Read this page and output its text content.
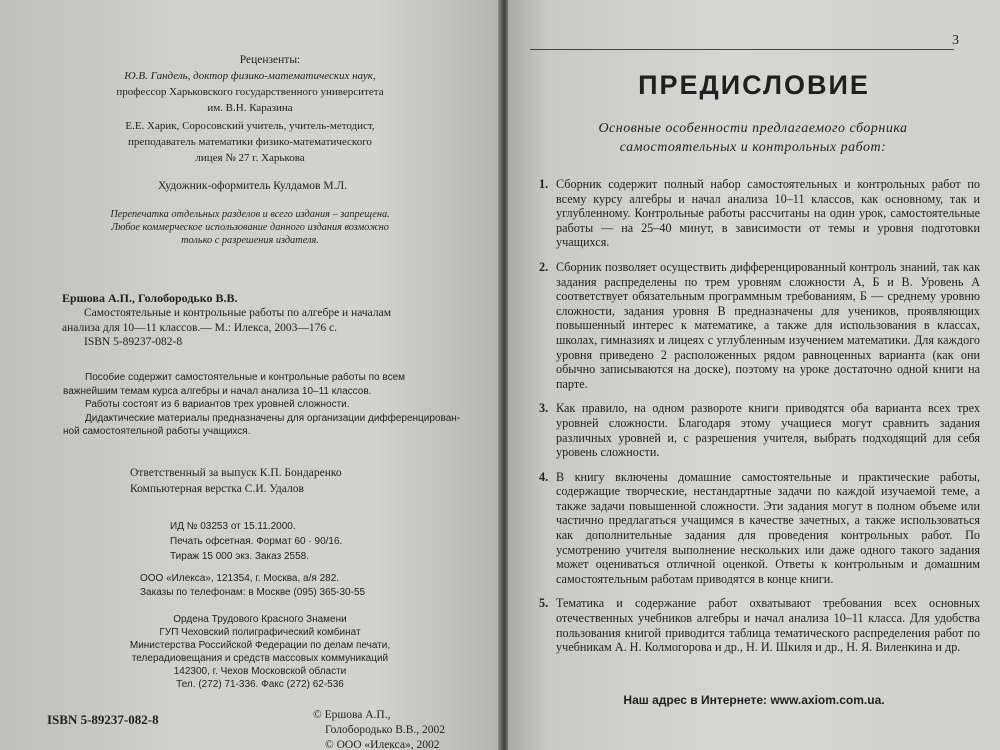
Рецензенты:

Ю.В. Гандель, доктор физико-математических наук,
профессор Харьковского государственного университета
им. В.Н. Каразина
Е.Е. Харик, Соросовский учитель, учитель-методист,
преподаватель математики физико-математического
лицея № 27 г. Харькова

Художник-оформитель Кулдамов М.Л.

Перепечатка отдельных разделов и всего издания – запрещена.
Любое коммерческое использование данного издания возможно
только с разрешения издателя.

Ершова А.П., Голобородько В.В.

Самостоятельные и контрольные работы по алгебре и началам
анализа для 10—11 классов.— М.: Илекса, 2003—176 с.
ISBN 5-89237-082-8
Пособие содержит самостоятельные и контрольные работы по всем
важнейшим темам курса алгебры и начал анализа 10–11 классов.
Работы состоят из 6 вариантов трех уровней сложности.
Дидактические материалы предназначены для организации дифференцирован-
ной самостоятельной работы учащихся.

Ответственный за выпуск К.П. Бондаренко

Компьютерная верстка С.И. Удалов

ИД № 03253 от 15.11.2000.
Печать офсетная. Формат 60 · 90/16.
Тираж 15 000 экз. Заказ 2558.
ООО «Илекса», 121354, г. Москва, а/я 282.
Заказы по телефонам: в Москве (095) 365-30-55
Ордена Трудового Красного Знамени
ГУП Чеховский полиграфический комбинат
Министерства Российской Федерации по делам печати,
телерадиовещания и средств массовых коммуникаций
142300, г. Чехов Московской области
Тел. (272) 71-336. Факс (272) 62-536

ISBN 5-89237-082-8	© Ершова А.П.,
Голобородько В.В., 2002
© ООО «Илекса», 2002
3
ПРЕДИСЛОВИЕ
Основные особенности предлагаемого сборника
самостоятельных и контрольных работ:
1. Сборник содержит полный набор самостоятельных и контрольных работ по всему курсу алгебры и начал анализа 10–11 классов, как основному, так и углубленному. Контрольные работы рассчитаны на один урок, самостоятельные работы — на 25–40 минут, в зависимости от темы и уровня подготовки учащихся.
2. Сборник позволяет осуществить дифференцированный контроль знаний, так как задания распределены по трем уровням сложности А, Б и В. Уровень А соответствует обязательным программным требованиям, Б — среднему уровню сложности, задания уровня В предназначены для учеников, проявляющих повышенный интерес к математике, а также для использования в классах, школах, гимназиях и лицеях с углубленным изучением математики. Для каждого уровня приведено 2 расположенных рядом равноценных варианта (как они обычно записываются на доске), поэтому на уроке достаточно одной книги на парте.
3. Как правило, на одном развороте книги приводятся оба варианта всех трех уровней сложности. Благодаря этому учащиеся могут сравнить задания различных уровней и, с разрешения учителя, выбрать подходящий для себя уровень сложности.
4. В книгу включены домашние самостоятельные и практические работы, содержащие творческие, нестандартные задачи по каждой изучаемой теме, а также задачи повышенной сложности. Эти задания могут в полном объеме или частично предлагаться учащимся в качестве зачетных, а также использоваться как дополнительные задания для проведения контрольных работ. По усмотрению учителя выполнение нескольких или даже одного такого задания может оцениваться отличной оценкой. Ответы к контрольным и домашним самостоятельным работам приводятся в конце книги.
5. Тематика и содержание работ охватывают требования всех основных отечественных учебников алгебры и начал анализа 10–11 класса. Для удобства пользования книгой приводится таблица тематического распределения работ по учебникам А. Н. Колмогорова и др., Н. И. Шкиля и др., Н. Я. Виленкина и др.
Наш адрес в Интернете: www.axiom.com.ua.
